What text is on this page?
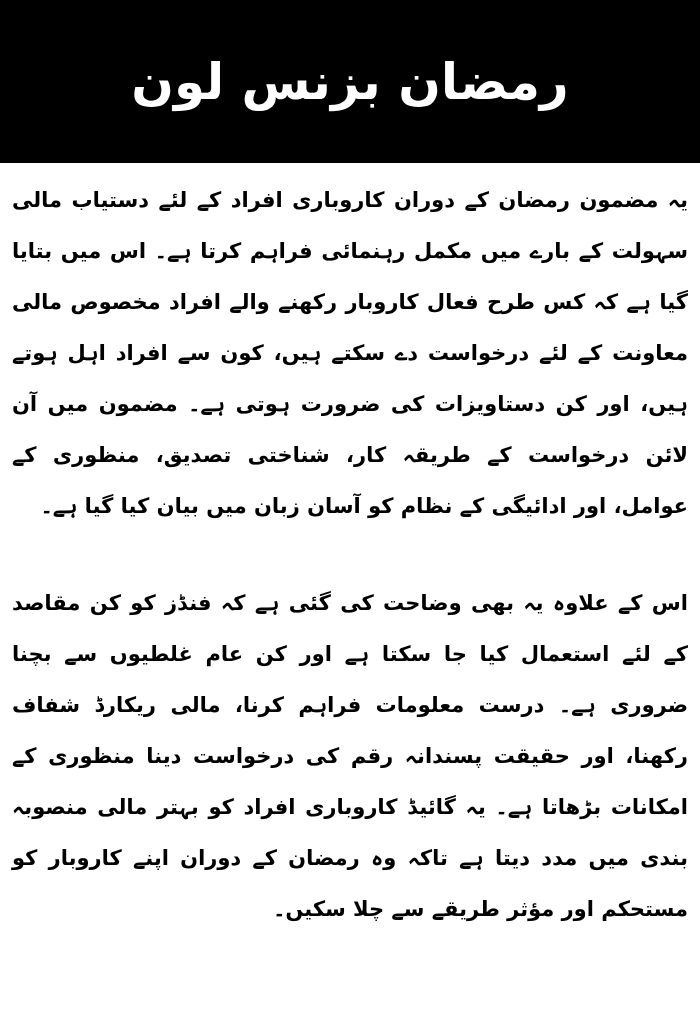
رمضان بزنس لون

یہ مضمون رمضان کے دوران کاروباری افراد کے لئے دستیاب مالی سہولت کے بارے میں مکمل رہنمائی فراہم کرتا ہے۔ اس میں بتایا گیا ہے کہ کس طرح فعال کاروبار رکھنے والے افراد مخصوص مالی معاونت کے لئے درخواست دے سکتے ہیں، کون سے افراد اہل ہوتے ہیں، اور کن دستاویزات کی ضرورت ہوتی ہے۔ مضمون میں آن لائن درخواست کے طریقہ کار، شناختی تصدیق، منظوری کے عوامل، اور ادائیگی کے نظام کو آسان زبان میں بیان کیا گیا ہے۔

اس کے علاوہ یہ بھی وضاحت کی گئی ہے کہ فنڈز کو کن مقاصد کے لئے استعمال کیا جا سکتا ہے اور کن عام غلطیوں سے بچنا ضروری ہے۔ درست معلومات فراہم کرنا، مالی ریکارڈ شفاف رکھنا، اور حقیقت پسندانہ رقم کی درخواست دینا منظوری کے امکانات بڑھاتا ہے۔ یہ گائیڈ کاروباری افراد کو بہتر مالی منصوبہ بندی میں مدد دیتا ہے تاکہ وہ رمضان کے دوران اپنے کاروبار کو مستحکم اور مؤثر طریقے سے چلا سکیں۔
